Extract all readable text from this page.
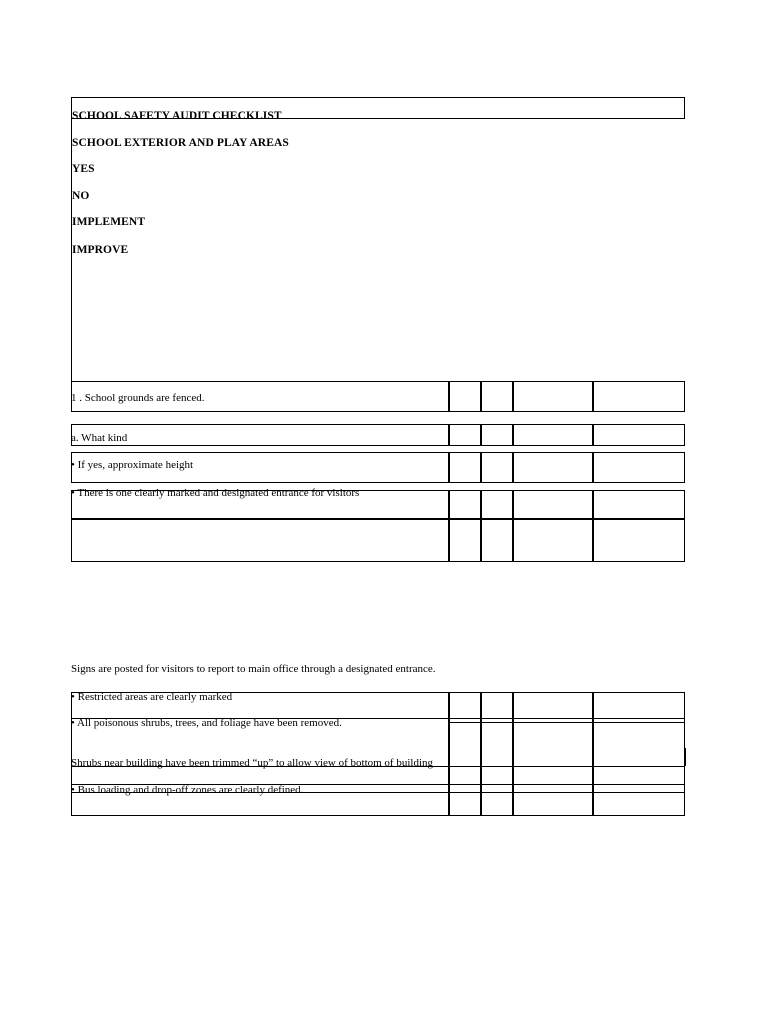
SCHOOL SAFETY AUDIT CHECKLIST
SCHOOL EXTERIOR AND PLAY AREAS
YES
NO
IMPLEMENT
IMPROVE
1 . School grounds are fenced.
a. What kind
• If yes, approximate height
• There is one clearly marked and designated entrance for visitors
Signs are posted for visitors to report to main office through a designated entrance.
• Restricted areas are clearly marked
• All poisonous shrubs, trees, and foliage have been removed.
Shrubs near building have been trimmed “up” to allow view of bottom of building
• Bus loading and drop-off zones are clearly defined.
